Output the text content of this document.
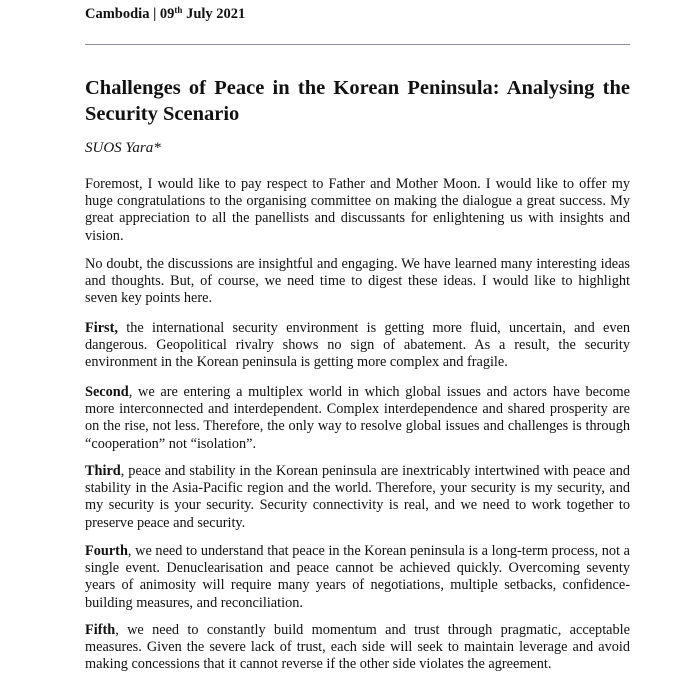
Cambodia | 09th July 2021
Challenges of Peace in the Korean Peninsula: Analysing the Security Scenario
SUOS Yara*

Foremost, I would like to pay respect to Father and Mother Moon. I would like to offer my huge congratulations to the organising committee on making the dialogue a great success. My great appreciation to all the panellists and discussants for enlightening us with insights and vision.

No doubt, the discussions are insightful and engaging. We have learned many interesting ideas and thoughts. But, of course, we need time to digest these ideas. I would like to highlight seven key points here.

First, the international security environment is getting more fluid, uncertain, and even dangerous. Geopolitical rivalry shows no sign of abatement. As a result, the security environment in the Korean peninsula is getting more complex and fragile.

Second, we are entering a multiplex world in which global issues and actors have become more interconnected and interdependent. Complex interdependence and shared prosperity are on the rise, not less. Therefore, the only way to resolve global issues and challenges is through “cooperation” not “isolation”.

Third, peace and stability in the Korean peninsula are inextricably intertwined with peace and stability in the Asia-Pacific region and the world. Therefore, your security is my security, and my security is your security. Security connectivity is real, and we need to work together to preserve peace and security.

Fourth, we need to understand that peace in the Korean peninsula is a long-term process, not a single event. Denuclearisation and peace cannot be achieved quickly. Overcoming seventy years of animosity will require many years of negotiations, multiple setbacks, confidence-building measures, and reconciliation.

Fifth, we need to constantly build momentum and trust through pragmatic, acceptable measures. Given the severe lack of trust, each side will seek to maintain leverage and avoid making concessions that it cannot reverse if the other side violates the agreement.
